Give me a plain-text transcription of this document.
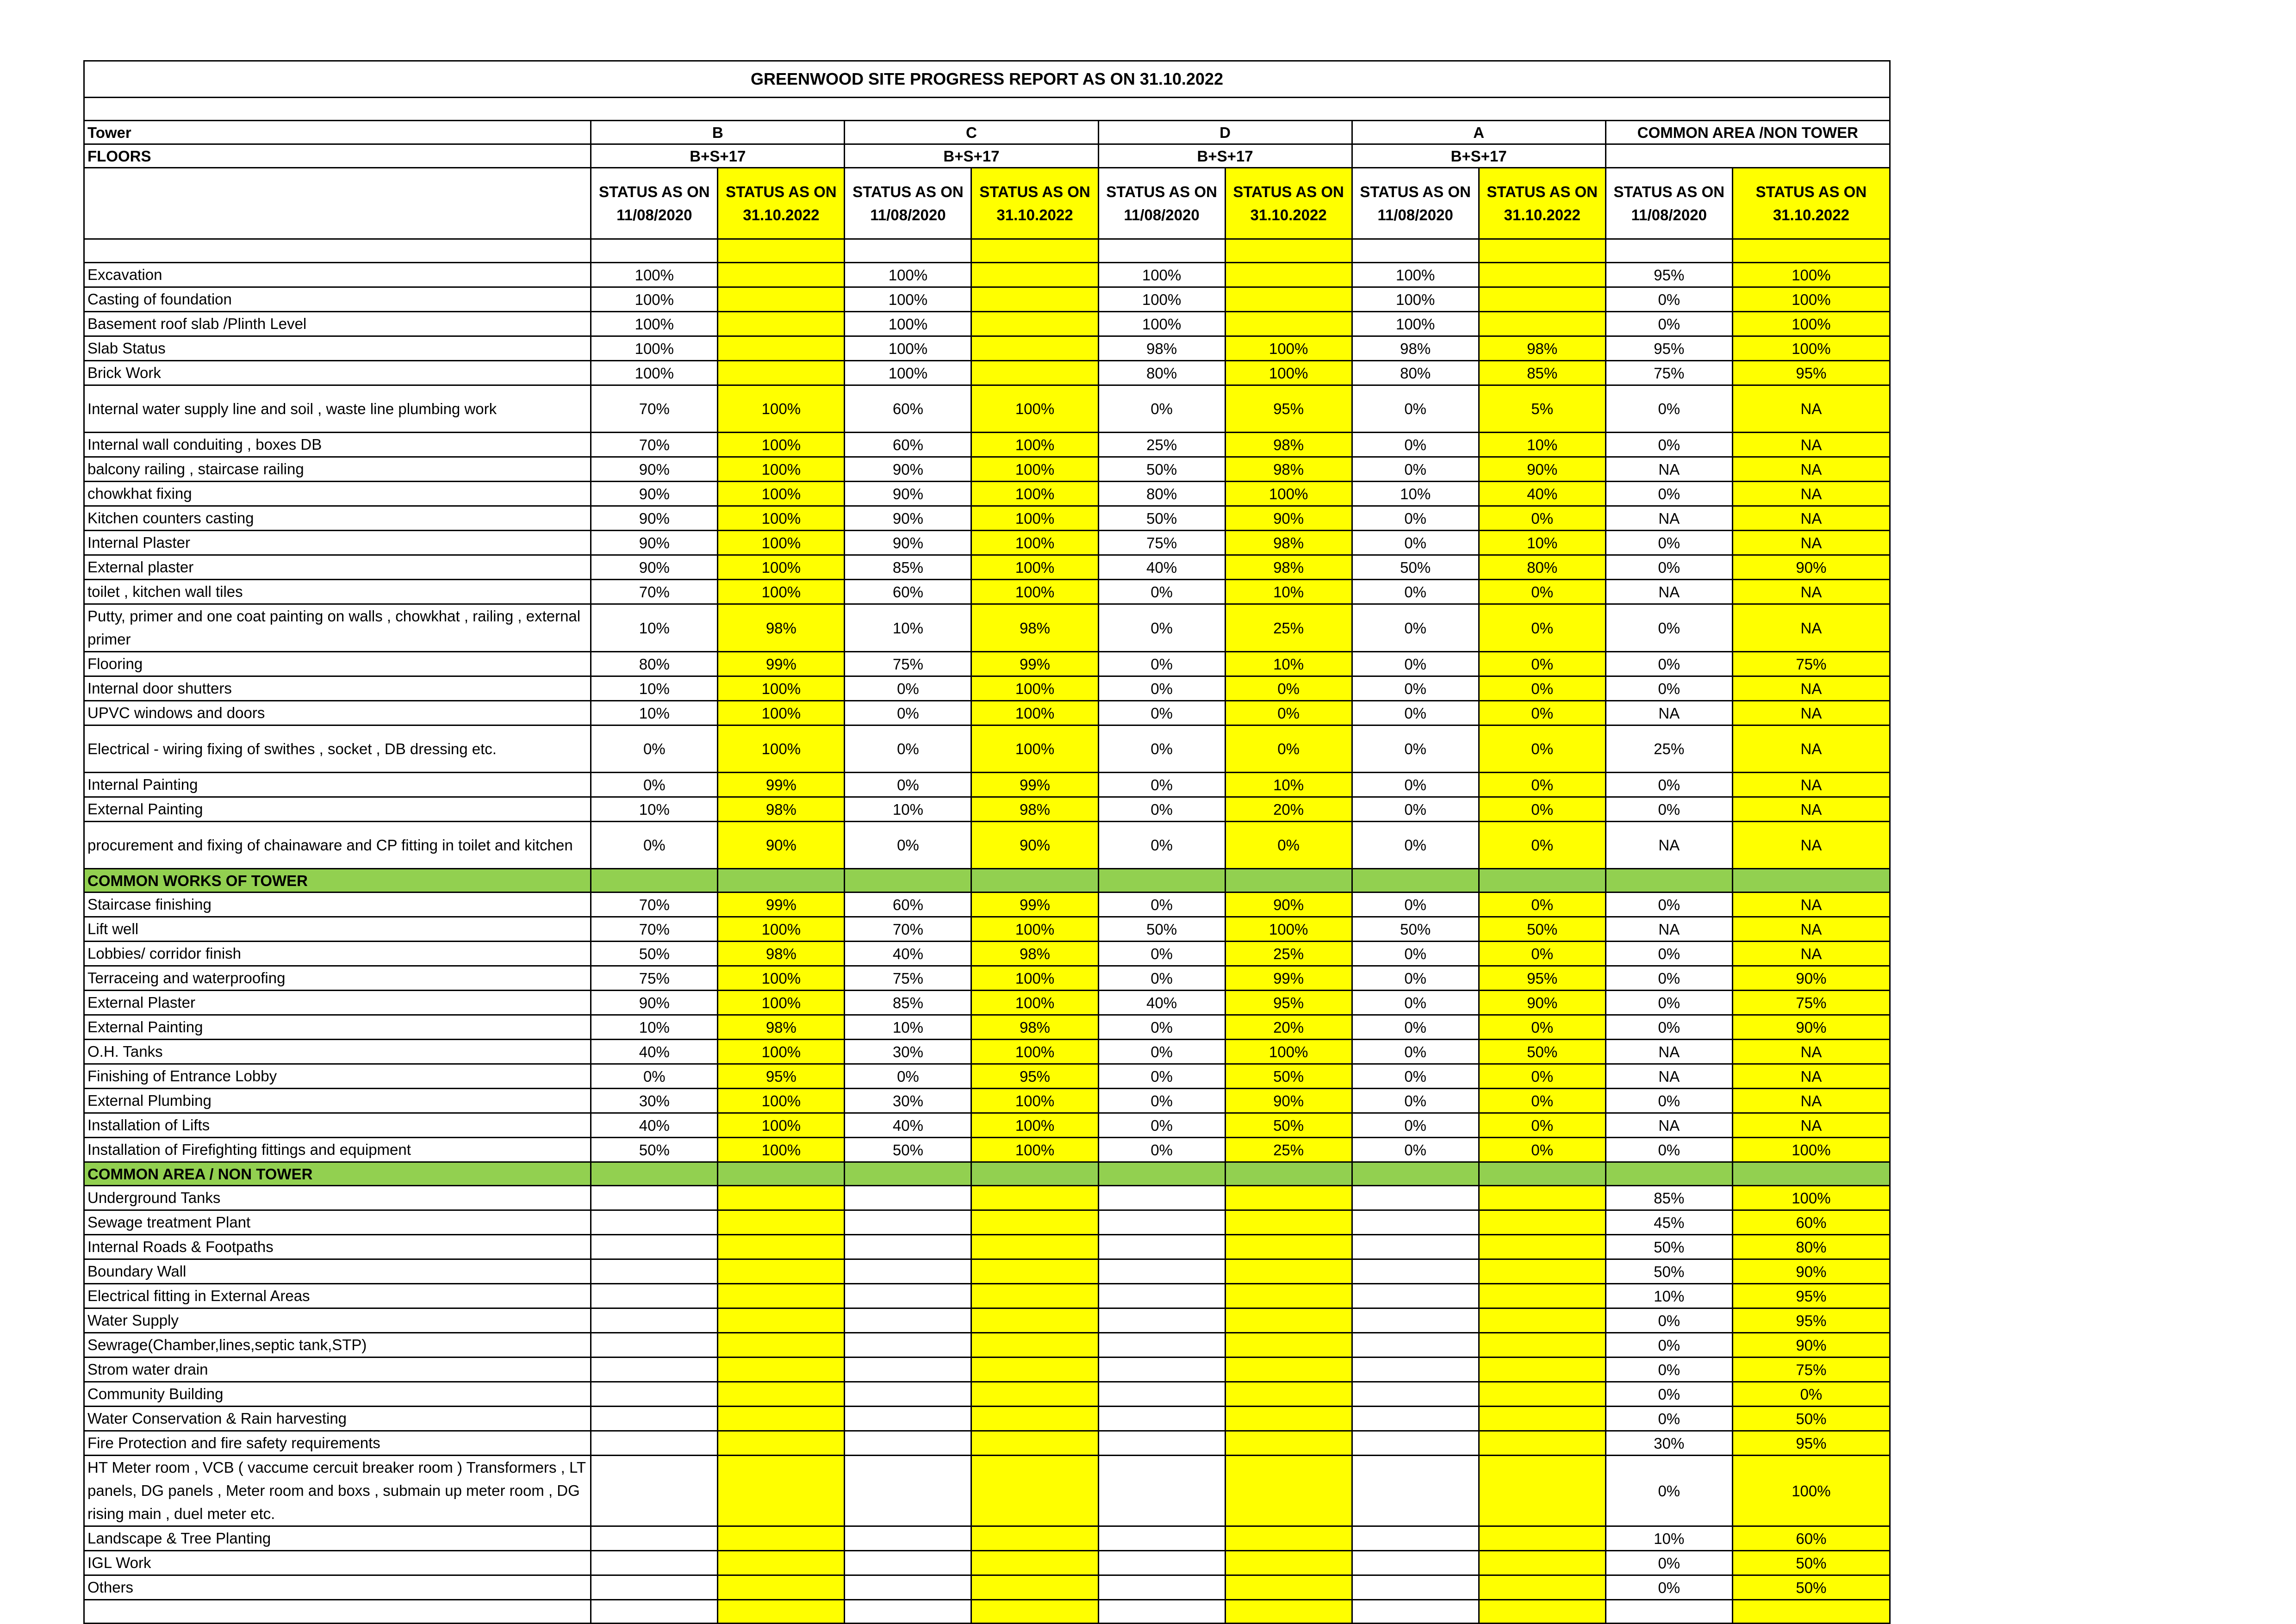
GREENWOOD SITE PROGRESS REPORT AS ON 31.10.2022
Tower	B		C		D		A		COMMON AREA /NON TOWER	
FLOORS	B+S+17		B+S+17		B+S+17		B+S+17			
	STATUS AS ON 11/08/2020	STATUS AS ON 31.10.2022	STATUS AS ON 11/08/2020	STATUS AS ON 31.10.2022	STATUS AS ON 11/08/2020	STATUS AS ON 31.10.2022	STATUS AS ON 11/08/2020	STATUS AS ON 31.10.2022	STATUS AS ON 11/08/2020	STATUS AS ON 31.10.2022

Excavation	100%		100%		100%		100%		95%	100%
Casting of foundation	100%		100%		100%		100%		0%	100%
Basement roof slab /Plinth Level	100%		100%		100%		100%		0%	100%
Slab Status	100%		100%		98%	100%	98%	98%	95%	100%
Brick Work	100%		100%		80%	100%	80%	85%	75%	95%
Internal water supply line and soil , waste line plumbing work	70%	100%	60%	100%	0%	95%	0%	5%	0%	NA
Internal wall conduiting , boxes DB	70%	100%	60%	100%	25%	98%	0%	10%	0%	NA
balcony railing , staircase railing	90%	100%	90%	100%	50%	98%	0%	90%	NA	NA
chowkhat fixing	90%	100%	90%	100%	80%	100%	10%	40%	0%	NA
Kitchen counters casting	90%	100%	90%	100%	50%	90%	0%	0%	NA	NA
Internal Plaster	90%	100%	90%	100%	75%	98%	0%	10%	0%	NA
External plaster	90%	100%	85%	100%	40%	98%	50%	80%	0%	90%
toilet , kitchen wall tiles	70%	100%	60%	100%	0%	10%	0%	0%	NA	NA
Putty, primer and one coat painting on walls , chowkhat , railing , external primer	10%	98%	10%	98%	0%	25%	0%	0%	0%	NA
Flooring	80%	99%	75%	99%	0%	10%	0%	0%	0%	75%
Internal door shutters	10%	100%	0%	100%	0%	0%	0%	0%	0%	NA
UPVC windows and doors	10%	100%	0%	100%	0%	0%	0%	0%	NA	NA
Electrical - wiring fixing of swithes , socket , DB dressing etc.	0%	100%	0%	100%	0%	0%	0%	0%	25%	NA
Internal Painting	0%	99%	0%	99%	0%	10%	0%	0%	0%	NA
External Painting	10%	98%	10%	98%	0%	20%	0%	0%	0%	NA
procurement and fixing of chainaware and CP fitting in toilet and kitchen	0%	90%	0%	90%	0%	0%	0%	0%	NA	NA
COMMON WORKS OF TOWER										
Staircase finishing	70%	99%	60%	99%	0%	90%	0%	0%	0%	NA
Lift well	70%	100%	70%	100%	50%	100%	50%	50%	NA	NA
Lobbies/ corridor finish	50%	98%	40%	98%	0%	25%	0%	0%	0%	NA
Terraceing and waterproofing	75%	100%	75%	100%	0%	99%	0%	95%	0%	90%
External Plaster	90%	100%	85%	100%	40%	95%	0%	90%	0%	75%
External Painting	10%	98%	10%	98%	0%	20%	0%	0%	0%	90%
O.H. Tanks	40%	100%	30%	100%	0%	100%	0%	50%	NA	NA
Finishing of Entrance Lobby	0%	95%	0%	95%	0%	50%	0%	0%	NA	NA
External Plumbing	30%	100%	30%	100%	0%	90%	0%	0%	0%	NA
Installation of Lifts	40%	100%	40%	100%	0%	50%	0%	0%	NA	NA
Installation of Firefighting fittings and equipment	50%	100%	50%	100%	0%	25%	0%	0%	0%	100%
COMMON AREA / NON TOWER										
Underground Tanks									85%	100%
Sewage treatment Plant									45%	60%
Internal Roads & Footpaths									50%	80%
Boundary Wall									50%	90%
Electrical fitting in External Areas									10%	95%
Water Supply									0%	95%
Sewrage(Chamber,lines,septic tank,STP)									0%	90%
Strom water drain									0%	75%
Community Building									0%	0%
Water Conservation & Rain harvesting									0%	50%
Fire Protection and fire safety requirements									30%	95%
HT Meter room , VCB ( vaccume cercuit breaker room ) Transformers , LT panels, DG panels , Meter room and boxs , submain up meter room , DG rising main , duel meter etc.									0%	100%
Landscape & Tree Planting									10%	60%
IGL Work									0%	50%
Others									0%	50%
